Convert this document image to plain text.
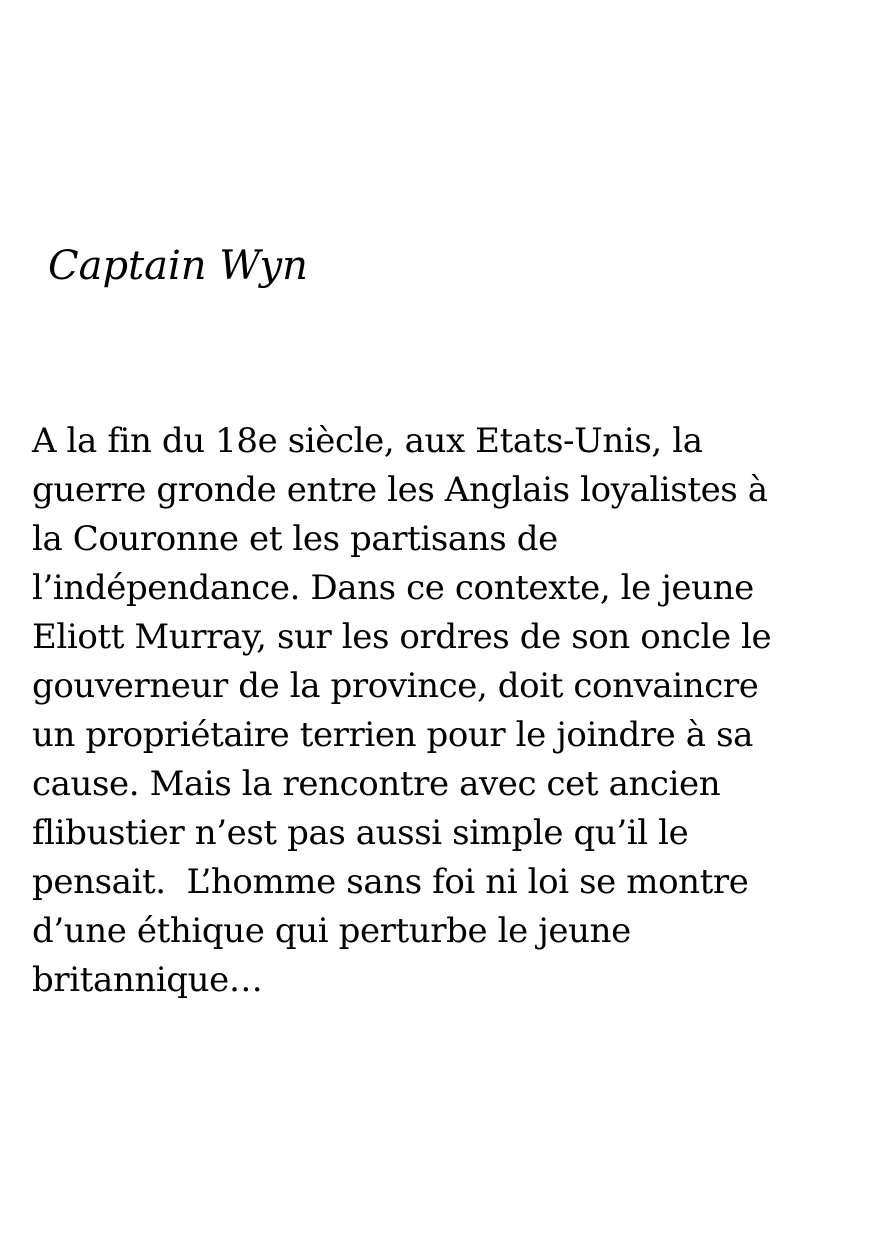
Captain Wyn

A la fin du 18e siècle, aux Etats-Unis, la
guerre gronde entre les Anglais loyalistes à
la Couronne et les partisans de
l’indépendance. Dans ce contexte, le jeune
Eliott Murray, sur les ordres de son oncle le
gouverneur de la province, doit convaincre
un propriétaire terrien pour le joindre à sa
cause. Mais la rencontre avec cet ancien
flibustier n’est pas aussi simple qu’il le
pensait.  L’homme sans foi ni loi se montre
d’une éthique qui perturbe le jeune
britannique…
